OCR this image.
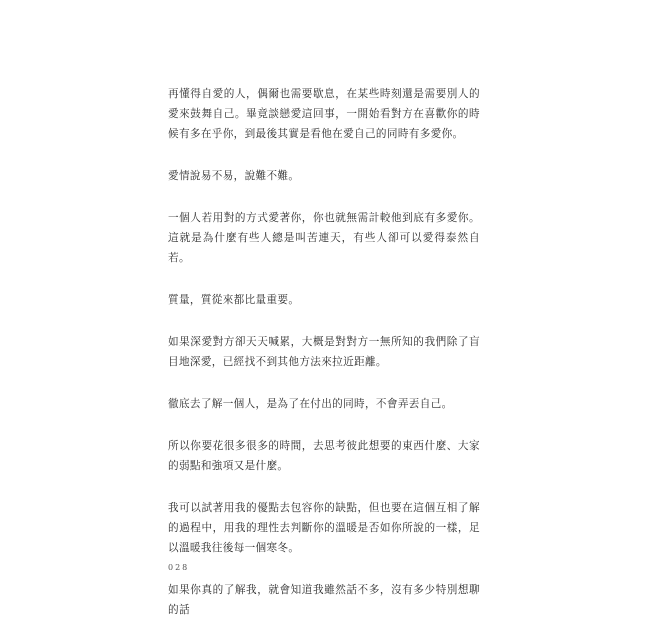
再懂得自愛的人，偶爾也需要歇息，在某些時刻還是需要別人的愛來鼓舞自己。畢竟談戀愛這回事，一開始看對方在喜歡你的時候有多在乎你，到最後其實是看他在愛自己的同時有多愛你。

愛情說易不易，說難不難。

一個人若用對的方式愛著你，你也就無需計較他到底有多愛你。這就是為什麼有些人總是叫苦連天，有些人卻可以愛得泰然自若。

質量，質從來都比量重要。

如果深愛對方卻天天喊累，大概是對對方一無所知的我們除了盲目地深愛，已經找不到其他方法來拉近距離。

徹底去了解一個人，是為了在付出的同時，不會弄丟自己。

所以你要花很多很多的時間，去思考彼此想要的東西什麼、大家的弱點和強項又是什麼。

我可以試著用我的優點去包容你的缺點，但也要在這個互相了解的過程中，用我的理性去判斷你的溫暖是否如你所說的一樣，足以溫暖我往後每一個寒冬。

如果你真的了解我，就會知道我雖然話不多，沒有多少特別想聊的話

028
